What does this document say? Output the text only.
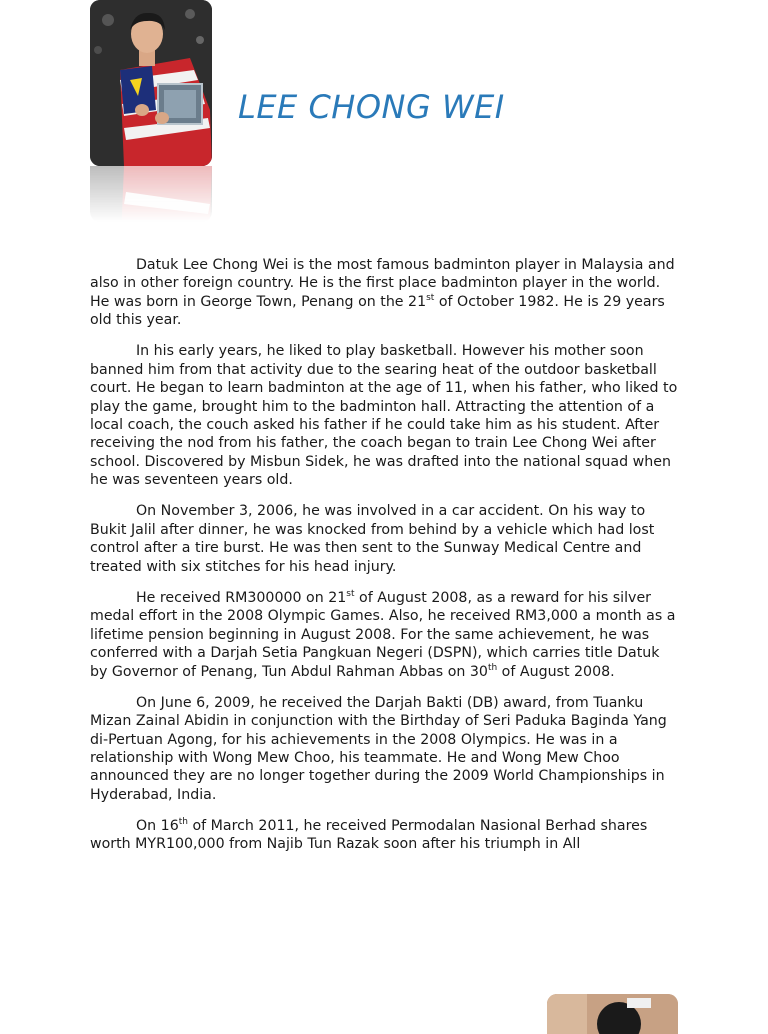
LEE CHONG WEI

Datuk Lee Chong Wei is the most famous badminton player in Malaysia and also in other foreign country. He is the first place badminton player in the world. He was born in George Town, Penang on the 21st of October 1982. He is 29 years old this year.

In his early years, he liked to play basketball. However his mother soon banned him from that activity due to the searing heat of the outdoor basketball court. He began to learn badminton at the age of 11, when his father, who liked to play the game, brought him to the badminton hall. Attracting the attention of a local coach, the couch asked his father if he could take him as his student. After receiving the nod from his father, the coach began to train Lee Chong Wei after school. Discovered by Misbun Sidek, he was drafted into the national squad when he was seventeen years old.

On November 3, 2006, he was involved in a car accident. On his way to Bukit Jalil after dinner, he was knocked from behind by a vehicle which had lost control after a tire burst. He was then sent to the Sunway Medical Centre and treated with six stitches for his head injury.

He received RM300000 on 21st of August 2008, as a reward for his silver medal effort in the 2008 Olympic Games. Also, he received RM3,000 a month as a lifetime pension beginning in August 2008. For the same achievement, he was conferred with a Darjah Setia Pangkuan Negeri (DSPN), which carries title Datuk by Governor of Penang, Tun Abdul Rahman Abbas on 30th of August 2008.

On June 6, 2009, he received the Darjah Bakti (DB) award, from Tuanku Mizan Zainal Abidin in conjunction with the Birthday of Seri Paduka Baginda Yang di-Pertuan Agong, for his achievements in the 2008 Olympics. He was in a relationship with Wong Mew Choo, his teammate. He and Wong Mew Choo announced they are no longer together during the 2009 World Championships in Hyderabad, India.

On 16th of March 2011, he received Permodalan Nasional Berhad shares worth MYR100,000 from Najib Tun Razak soon after his triumph in All
